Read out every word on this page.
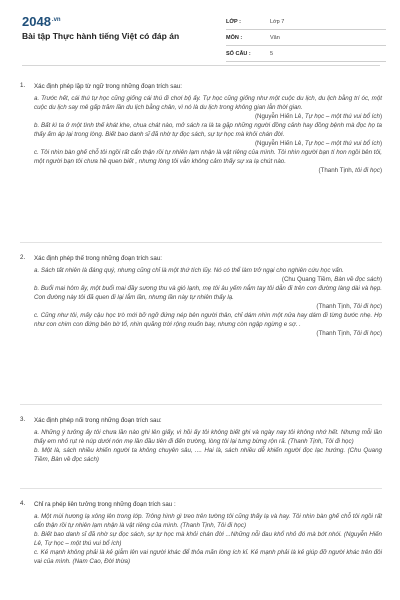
$2048^{.vn}$
Bài tập Thực hành tiếng Việt có đáp án
LỚP :	Lớp 7
MÔN :	Văn
SỐ CÂU :	5
1. Xác định phép lặp từ ngữ trong những đoạn trích sau:
a. Trước hết, cái thú tự học cũng giống cái thú đi chơi bộ ấy. Tự học cũng giống như một cuộc du lịch, du lịch bằng trí óc, một cuộc du lịch say mê gấp trăm lần du lịch bằng chân, vì nó là du lịch trong không gian lẫn thời gian.
(Nguyễn Hiến Lê, Tự học – một thú vui bổ ích)
b. Bất kì ta ở một tình thế khát khe, chua chát nào, mở sách ra là ta gặp những người đồng cảnh hay đồng bệnh mà đọc họ ta thấy ấm áp lại trong lòng. Biết bao danh sĩ đã nhờ tự đọc sách, sự tự học mà khỏi chán đời.
(Nguyễn Hiến Lê, Tự học – một thú vui bổ ích)
c. Tôi nhìn bàn ghế chỗ tôi ngồi rất cẩn thận rồi tự nhiên lạm nhận là vật riêng của mình. Tôi nhìn người bạn tí hon ngồi bên tôi, một người bạn tôi chưa hề quen biết , nhưng lòng tôi vẫn không cảm thấy sự xa lạ chút nào.
(Thanh Tịnh, tôi đi học)
2. Xác định phép thế trong những đoạn trích sau:
a. Sách tất nhiên là đáng quý, nhưng cũng chỉ là một thứ tích lũy. Nó có thể làm trở ngại cho nghiên cứu học vấn.
(Chu Quang Tiềm, Bàn về đọc sách)
b. Buổi mai hôm ấy, một buổi mai đầy sương thu và gió lạnh, mẹ tôi âu yếm nắm tay tôi dẫn đi trên con đường làng dài và hẹp. Con đường này tôi đã quen đi lại lắm lần, nhưng lần này tự nhiên thấy lạ.
(Thanh Tịnh, Tôi đi học)
c. Cũng như tôi, mấy cậu học trò mới bỡ ngỡ đứng nép bên người thân, chỉ dám nhìn một nửa hay dám đi từng bước nhẹ. Họ như con chim con đứng bên bờ tổ, nhìn quãng trời rộng muốn bay, nhưng còn ngập ngừng e sợ. .
(Thanh Tịnh, Tôi đi học)
3. Xác định phép nối trong những đoạn trích sau:
a. Những ý tưởng ấy tôi chưa lần nào ghi lên giấy, vì hồi ấy tôi không biết ghi và ngày nay tôi không nhớ hết. Nhưng mỗi lần thấy em nhỏ rụt rè núp dưới nón mẹ lần đầu tiên đi đến trường, lòng tôi lại tưng bừng rộn rã. (Thanh Tịnh, Tôi đi học)
b. Một là, sách nhiều khiến người ta không chuyên sâu, .... Hai là, sách nhiều dễ khiến người đọc lạc hướng. (Chu Quang Tiềm, Bàn về đọc sách)
4. Chỉ ra phép liên tưởng trong những đoạn trích sau :
a. Một mùi hương lạ xông lên trong lớp. Trông hình gì treo trên tường tôi cũng thấy lạ và hay. Tôi nhìn bàn ghế chỗ tôi ngồi rất cẩn thận rồi tự nhiên lạm nhận là vật riêng của mình. (Thanh Tịnh, Tôi đi học)
b. Biết bao danh sĩ đã nhờ sự đọc sách, sự tự học mà khỏi chán đời ...Những nỗi đau khổ nhỏ đó mà bớt nhói. (Nguyễn Hiến Lê, Tự học – một thú vui bổ ích)
c. Kẻ mạnh không phải là kẻ giẫm lên vai người khác để thỏa mãn lòng ích kỉ. Kẻ mạnh phải là kẻ giúp đỡ người khác trên đôi vai của mình. (Nam Cao, Đời thừa)
